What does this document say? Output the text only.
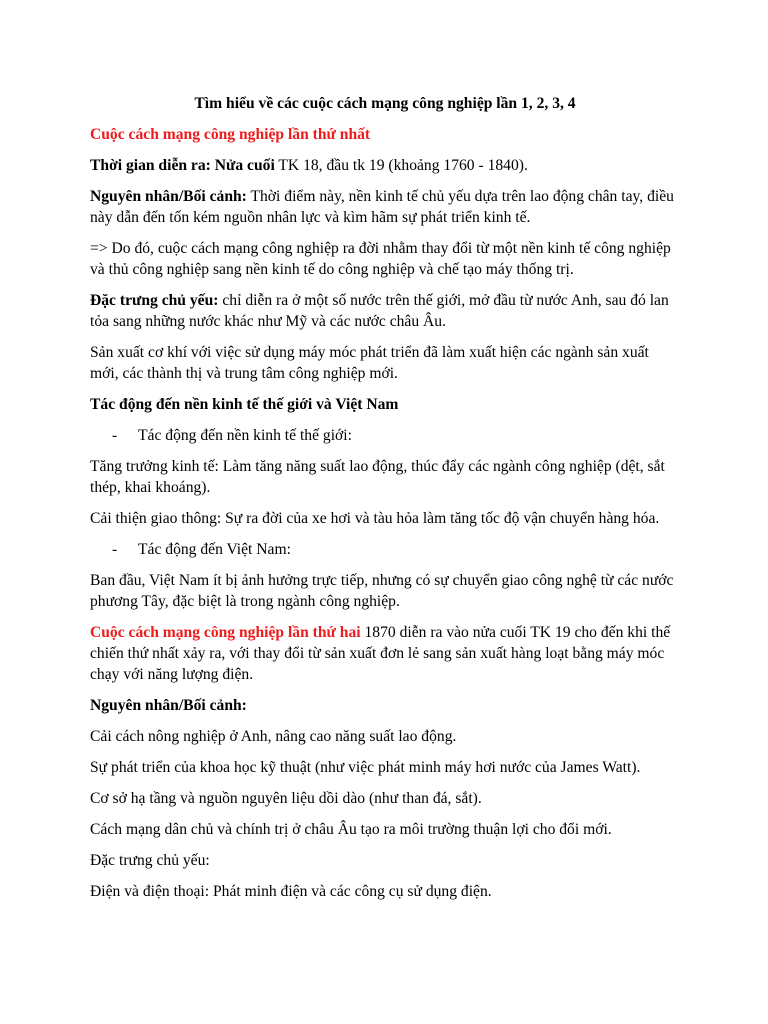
Tìm hiểu về các cuộc cách mạng công nghiệp lần 1, 2, 3, 4

Cuộc cách mạng công nghiệp lần thứ nhất

Thời gian diễn ra: Nửa cuối TK 18, đầu tk 19 (khoảng 1760 - 1840).

Nguyên nhân/Bối cảnh: Thời điểm này, nền kinh tế chủ yếu dựa trên lao động chân tay, điều này dẫn đến tốn kém nguồn nhân lực và kìm hãm sự phát triển kinh tế.

=> Do đó, cuộc cách mạng công nghiệp ra đời nhằm thay đổi từ một nền kinh tế công nghiệp và thủ công nghiệp sang nền kinh tế do công nghiệp và chế tạo máy thống trị.

Đặc trưng chủ yếu: chỉ diễn ra ở một số nước trên thế giới, mở đầu từ nước Anh, sau đó lan tỏa sang những nước khác như Mỹ và các nước châu Âu.

Sản xuất cơ khí với việc sử dụng máy móc phát triển đã làm xuất hiện các ngành sản xuất mới, các thành thị và trung tâm công nghiệp mới.

Tác động đến nền kinh tế thế giới và Việt Nam

-	Tác động đến nền kinh tế thế giới:

Tăng trưởng kinh tế: Làm tăng năng suất lao động, thúc đẩy các ngành công nghiệp (dệt, sắt thép, khai khoáng).

Cải thiện giao thông: Sự ra đời của xe hơi và tàu hỏa làm tăng tốc độ vận chuyển hàng hóa.

-	Tác động đến Việt Nam:

Ban đầu, Việt Nam ít bị ảnh hưởng trực tiếp, nhưng có sự chuyển giao công nghệ từ các nước phương Tây, đặc biệt là trong ngành công nghiệp.

Cuộc cách mạng công nghiệp lần thứ hai 1870 diễn ra vào nửa cuối TK 19 cho đến khi thế chiến thứ nhất xảy ra, với thay đổi từ sản xuất đơn lẻ sang sản xuất hàng loạt bằng máy móc chạy với năng lượng điện.

Nguyên nhân/Bối cảnh:

Cải cách nông nghiệp ở Anh, nâng cao năng suất lao động.

Sự phát triển của khoa học kỹ thuật (như việc phát minh máy hơi nước của James Watt).

Cơ sở hạ tầng và nguồn nguyên liệu dồi dào (như than đá, sắt).

Cách mạng dân chủ và chính trị ở châu Âu tạo ra môi trường thuận lợi cho đổi mới.

Đặc trưng chủ yếu:

Điện và điện thoại: Phát minh điện và các công cụ sử dụng điện.
